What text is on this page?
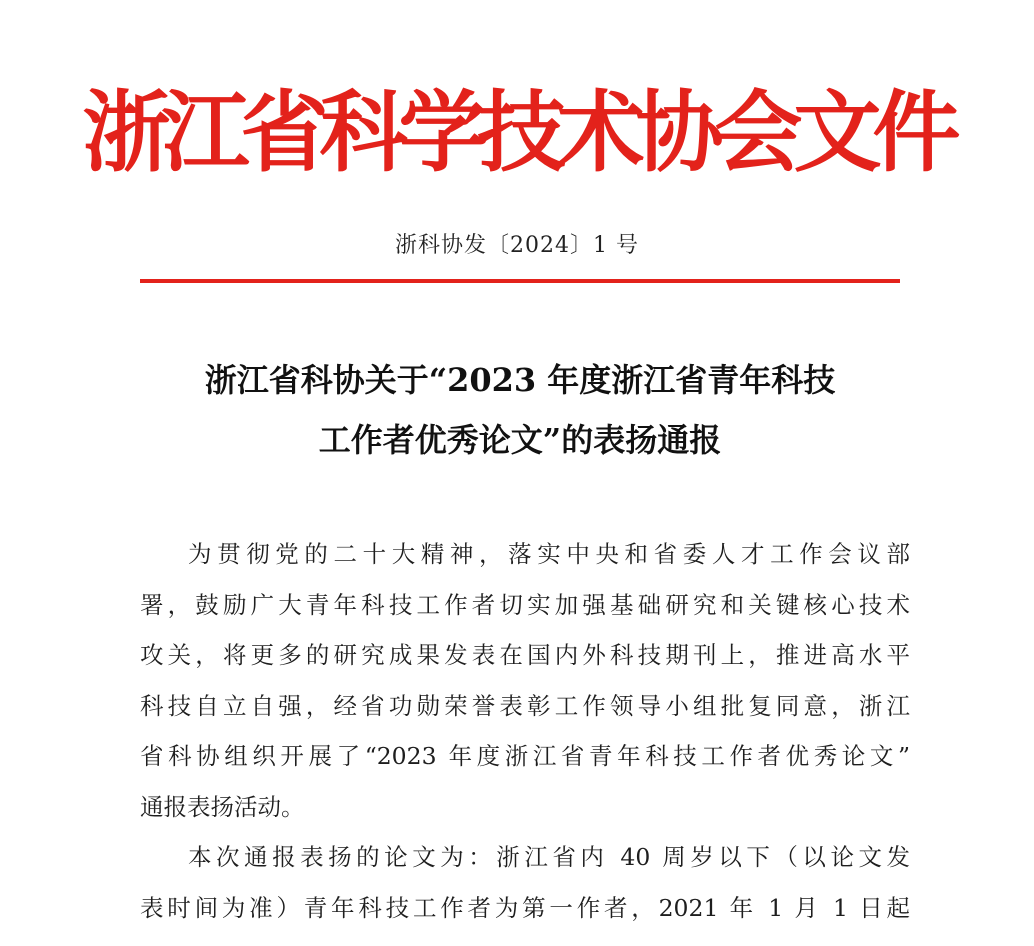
浙江省科学技术协会文件
浙科协发〔2024〕1 号
浙江省科协关于“2023 年度浙江省青年科技
工作者优秀论文”的表扬通报
为贯彻党的二十大精神，落实中央和省委人才工作会议部
署，鼓励广大青年科技工作者切实加强基础研究和关键核心技术
攻关，将更多的研究成果发表在国内外科技期刊上，推进高水平
科技自立自强，经省功勋荣誉表彰工作领导小组批复同意，浙江
省科协组织开展了“2023 年度浙江省青年科技工作者优秀论文”
通报表扬活动。
本次通报表扬的论文为：浙江省内 40 周岁以下（以论文发
表时间为准）青年科技工作者为第一作者，2021 年 1 月 1 日起
